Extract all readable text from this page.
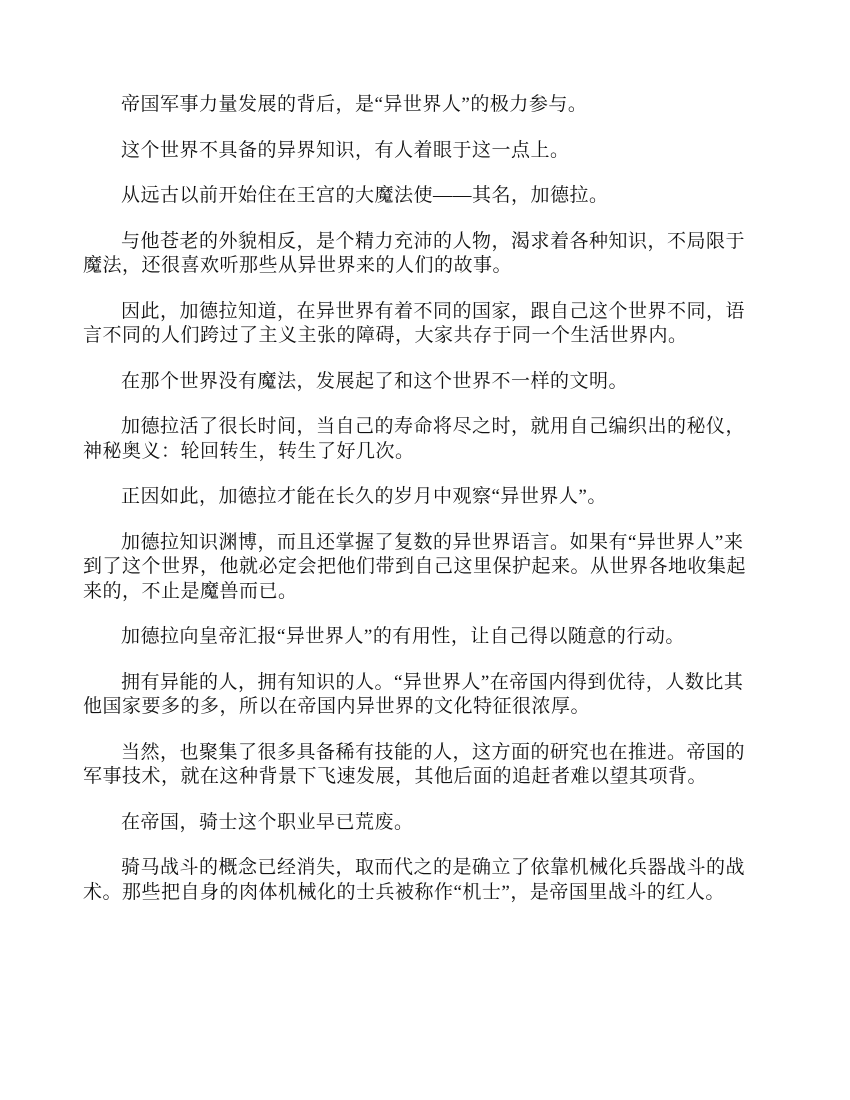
帝国军事力量发展的背后，是“异世界人”的极力参与。

这个世界不具备的异界知识，有人着眼于这一点上。

从远古以前开始住在王宫的大魔法使——其名，加德拉。

与他苍老的外貌相反，是个精力充沛的人物，渴求着各种知识，不局限于魔法，还很喜欢听那些从异世界来的人们的故事。

因此，加德拉知道，在异世界有着不同的国家，跟自己这个世界不同，语言不同的人们跨过了主义主张的障碍，大家共存于同一个生活世界内。

在那个世界没有魔法，发展起了和这个世界不一样的文明。

加德拉活了很长时间，当自己的寿命将尽之时，就用自己编织出的秘仪，神秘奥义：轮回转生，转生了好几次。

正因如此，加德拉才能在长久的岁月中观察“异世界人”。

加德拉知识渊博，而且还掌握了复数的异世界语言。如果有“异世界人”来到了这个世界，他就必定会把他们带到自己这里保护起来。从世界各地收集起来的，不止是魔兽而已。

加德拉向皇帝汇报“异世界人”的有用性，让自己得以随意的行动。

拥有异能的人，拥有知识的人。“异世界人”在帝国内得到优待，人数比其他国家要多的多，所以在帝国内异世界的文化特征很浓厚。

当然，也聚集了很多具备稀有技能的人，这方面的研究也在推进。帝国的军事技术，就在这种背景下飞速发展，其他后面的追赶者难以望其项背。

在帝国，骑士这个职业早已荒废。

骑马战斗的概念已经消失，取而代之的是确立了依靠机械化兵器战斗的战术。那些把自身的肉体机械化的士兵被称作“机士”，是帝国里战斗的红人。
